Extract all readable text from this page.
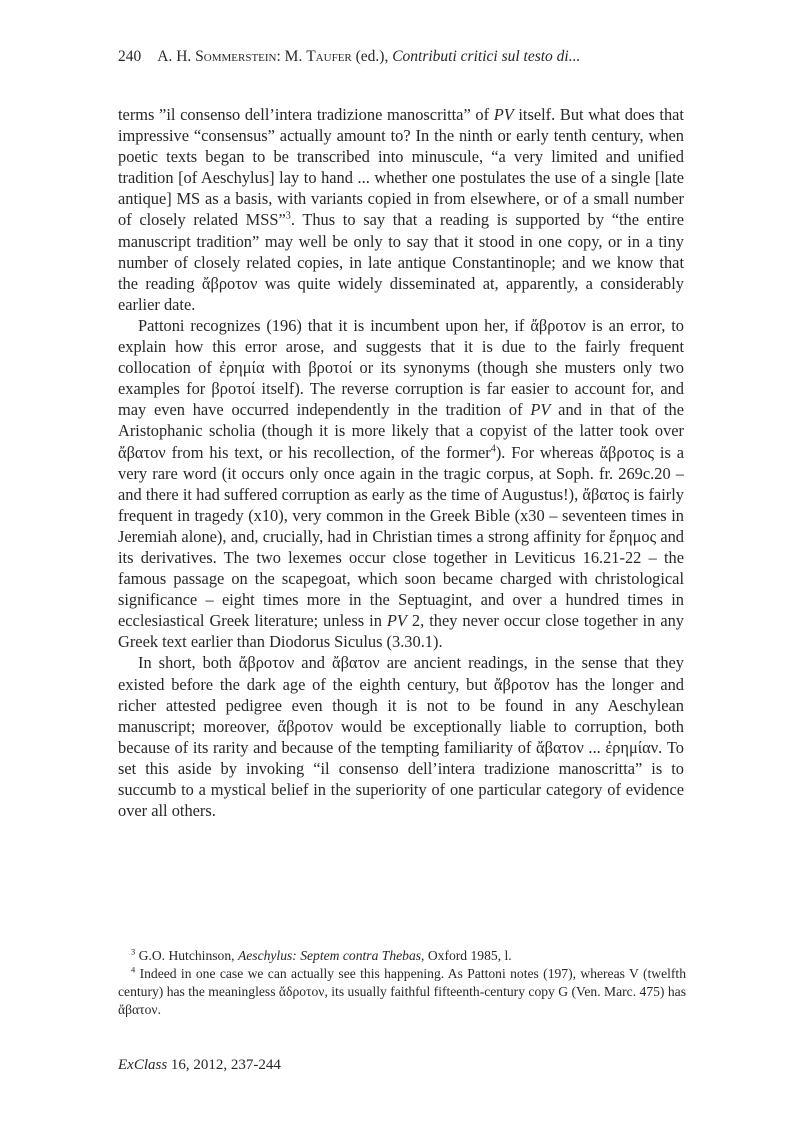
240 A. H. Sommerstein: M. Taufer (ed.), Contributi critici sul testo di...

terms ”il consenso dell’intera tradizione manoscritta” of PV itself. But what does that impressive “consensus” actually amount to? In the ninth or early tenth century, when poetic texts began to be transcribed into minuscule, “a very limited and unified tradition [of Aeschylus] lay to hand ... whether one postulates the use of a single [late antique] MS as a basis, with variants copied in from elsewhere, or of a small number of closely related MSS”$^3$. Thus to say that a reading is supported by “the entire manuscript tradition” may well be only to say that it stood in one copy, or in a tiny number of closely related copies, in late antique Constantinople; and we know that the reading ἄβροτον was quite widely disseminated at, apparently, a considerably earlier date.

Pattoni recognizes (196) that it is incumbent upon her, if ἄβροτον is an error, to explain how this error arose, and suggests that it is due to the fairly frequent collocation of ἐρημία with βροτοί or its synonyms (though she musters only two examples for βροτοί itself). The reverse corruption is far easier to account for, and may even have occurred independently in the tradition of PV and in that of the Aristophanic scholia (though it is more likely that a copyist of the latter took over ἄβατον from his text, or his recollection, of the former$^4$). For whereas ἄβροτος is a very rare word (it occurs only once again in the tragic corpus, at Soph. fr. 269c.20 – and there it had suffered corruption as early as the time of Augustus!), ἄβατος is fairly frequent in tragedy (x10), very common in the Greek Bible (x30 – seventeen times in Jeremiah alone), and, crucially, had in Christian times a strong affinity for ἔρημος and its derivatives. The two lexemes occur close together in Leviticus 16.21-22 – the famous passage on the scapegoat, which soon became charged with christological significance – eight times more in the Septuagint, and over a hundred times in ecclesiastical Greek literature; unless in PV 2, they never occur close together in any Greek text earlier than Diodorus Siculus (3.30.1).

In short, both ἄβροτον and ἄβατον are ancient readings, in the sense that they existed before the dark age of the eighth century, but ἄβροτον has the longer and richer attested pedigree even though it is not to be found in any Aeschylean manuscript; moreover, ἄβροτον would be exceptionally liable to corruption, both because of its rarity and because of the tempting familiarity of ἄβατον ... ἐρημίαν. To set this aside by invoking “il consenso dell’intera tradizione manoscritta” is to succumb to a mystical belief in the superiority of one particular category of evidence over all others.

$^3$ G.O. Hutchinson, Aeschylus: Septem contra Thebas, Oxford 1985, l.

$^4$ Indeed in one case we can actually see this happening. As Pattoni notes (197), whereas V (twelfth century) has the meaningless ἄδροτον, its usually faithful fifteenth-century copy G (Ven. Marc. 475) has ἄβατον.

ExClass 16, 2012, 237-244
